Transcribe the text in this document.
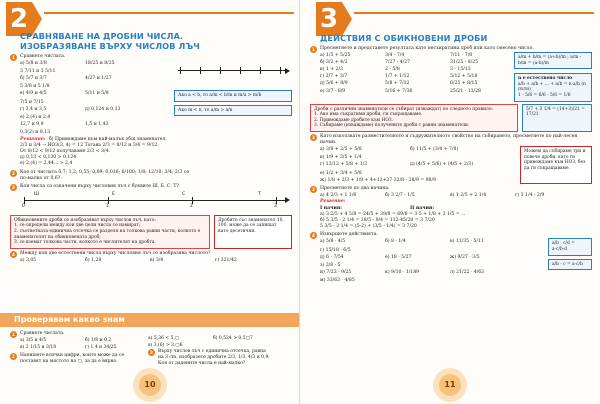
2
СРАВНЯВАНЕ НА ДРОБНИ ЧИСЛА.
ИЗОБРАЗЯВАНЕ ВЪРХУ ЧИСЛОВ ЛЪЧ
1	Сравнете числата.
а) 5/8 и 3/8	18/25 и 8/25
3 7/11 и 3 5/11
б) 5/7 и 3/7	4/27 и 1/27
5 3/8 и 5 1/8
в) 4/9 и 4/5	5/11 и 5/8
7/5 и 7/15
г) 3,4 и 3,5	д) 0,124 и 0,13
е) 2,(4) и 2,4
12,7 и 9,9	1,5 и 1,43
0,3(2) и 0,13
Ако a < b, то a/m < b/m и m/a > m/b
Ако m < n, то a/m > a/n
Решение: б) Привеждаме към най-малък общ знаменател.
2/3 и 3/4 → НОЗ(3, 4) = 12 Тогава 2/3 = 8/12 и 3/4 = 9/12.
От 8/12 < 9/12 получаваме 2/3 < 3/4.
д) 0,13 < 0,130 > 0,124
е) 2,(4) = 2,44... > 2,4
2	Кое от числата 0,7; 1,2; 0,55; 0,09; 0,016; 6/100; 1/8; 12/10; 3/4; 2/3 се
по-малко от 0,6?
3	Кои числа са означени върху числовия лъч с буквите Ш, Е, С, Т?
Ш	Е	С	Т
0	1	2	3
Обикновените дроби се изобразяват върху числов лъч, като:
1. се определи между кои две цели числа се намират;
2. съответната единична отсечка се разделя на толкова равни части, колкото е знаменателят на обикновената дроб;
3. се вземат толкова части, колкото е числителят на дробта.
Дробите със знаменател 10, 100, може да се запишат като десетични.
4	Между кои две естествени числа върху числовия лъч се изобразява числото?
а) 3,05	б) 1,28	в) 3/4	г) 321/42
Проверявам какво знам
1	Сравнете числата.
а) 3/5 и 4/5	б) 1/8 и 0,2
в) 2 1/15 и 3/18	г) 1,4 и 34/25
2	Напишете всички цифри, които може да се
поставят на мястото на ▢, за да е вярно.
а) 5,36 < 5,▢	б) 0,524 > 0,5▢7
в) 3,(6) > 3,▢6
3	Върху числов лъч с единична отсечка, равна
на 3 cm, изобразете дробите 2/3, 1/3, 4/3 и 0,9.
Коя от дадените числа е най-малко?
10
3
ДЕЙСТВИЯ С ОБИКНОВЕНИ ДРОБИ
1	Пресметнете и представете резултата като несъкратима дроб или като смесено число.
а) 1/5 + 5/25	3/4 - 7/4	7/11 - 7/8
б) 3/2 + 4/2	7/27 - 4/27	31/25 - 8/25
в) 1 + 2/3	2 - 5/8	3 - 15/13
г) 2/7 + 3/7	1/7 + 1/12	5/12 + 5/18
д) 5/6 + 8/9	5/8 + 7/12	6/25 + 8/15
е) 3/7 - 8/9	5/16 + 7/36	25/21 - 13/28
a/m + b/m = (a+b)/m ; a/m - b/m = (a-b)/m
n е естествено число
a/b + a/b + ... + a/b = n·a/b (n пъти)
1 - 5/6 = 6/6 - 5/6 = 1/6
Дроби с различни знаменатели се събират (изваждат) по следното правило:
1. Ако има съкратими дроби, ги съкращаваме.
2. Привеждаме дробите към НОЗ.
3. Събираме (изваждаме) получените дроби с равни знаменатели.
5/7 + 3 1/4 = (14+3)/21 = 17/21
2	Като използвате разместителното и съдружителното свойство на събирането, пресметнете по най-лесен начин.
а) 3/8 + 2/5 + 5/8	б) 11/5 + (3/4 + 7/8)
в) 1/9 + 3/5 + 1/4
г) 13/12 + 5/8 + 1/3	д) (4/5 + 5/6) + (4/5 + 2/3)
е) 1/2 + 3/4 + 5/8
ж) 1/8 + 2/3 + 1/9 + 4+13+27·32/8 - 28/9 = 98/9
Можем да събираме три и повече дроби, като ги привеждаме към НОЗ, без да ги съкращаваме.
3	Пресметнете по два начина.
а) 4 2/3 + 1 1/6	б) 3 2/7 - 1/5	в) 1 2/5 + 2 1/4	г) 3 1/4 - 2/9
Решение:
I начин:	II начин:
а) 3 2/5 + 4 5/8 = 24/5 + 39/8 = 69/8 = 3·5 + 1/8 + 3 1/5 = ...
б) 5 3/5 - 2 1/4 = 28/5 - 9/4 = 112-45/20 = 3 7/20
5 3/5 - 2 1/4 = (5-2) + (3/5 - 1/4) = 3 7/20
4	Извършете действията.
а) 5/8 · 4/5	б) 8 · 1/4	в) 11/35 · 5/11
г) 15/18 · 6/5
д) 6 · 7/54	е) 18 · 5/27	ж) 9/27 · 3/5
з) 3/8 · 5
и) 7/23 · 9/25	к) 9/10 · 1/189	л) 21/22 · 4/63
м) 33/63 · 4/85
a/b · c/d = a·c/b·d
a/b · c = a·c/b
11
